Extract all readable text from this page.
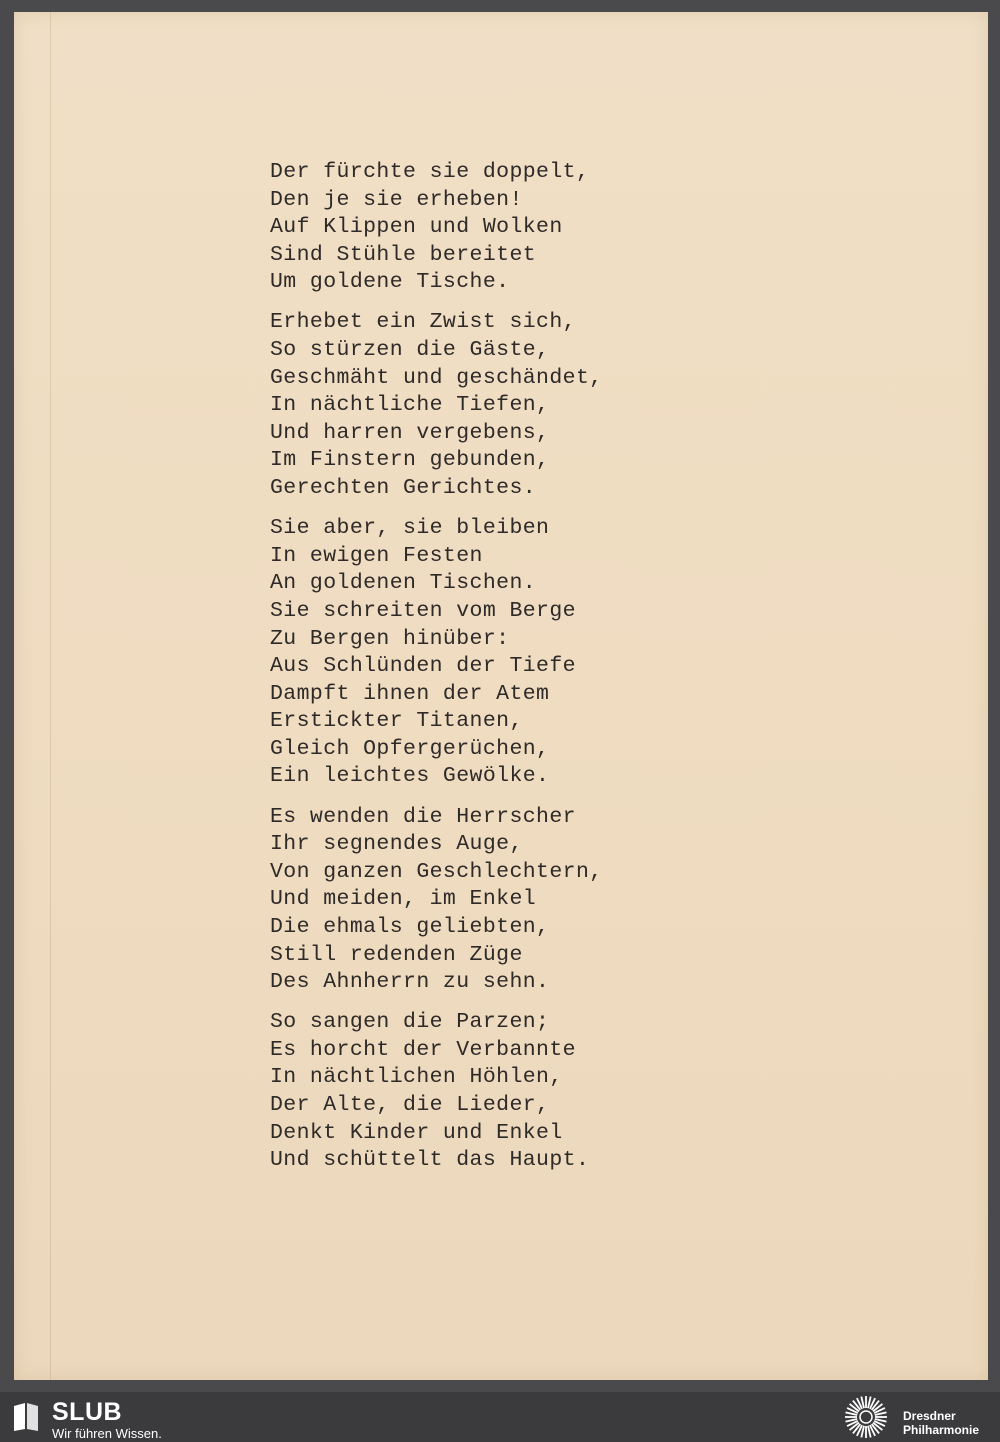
Der fürchte sie doppelt,
Den je sie erheben!
Auf Klippen und Wolken
Sind Stühle bereitet
Um goldene Tische.
Erhebet ein Zwist sich,
So stürzen die Gäste,
Geschmäht und geschändet,
In nächtliche Tiefen,
Und harren vergebens,
Im Finstern gebunden,
Gerechten Gerichtes.
Sie aber, sie bleiben
In ewigen Festen
An goldenen Tischen.
Sie schreiten vom Berge
Zu Bergen hinüber:
Aus Schlünden der Tiefe
Dampft ihnen der Atem
Erstickter Titanen,
Gleich Opfergerüchen,
Ein leichtes Gewölke.
Es wenden die Herrscher
Ihr segnendes Auge,
Von ganzen Geschlechtern,
Und meiden, im Enkel
Die ehmals geliebten,
Still redenden Züge
Des Ahnherrn zu sehn.
So sangen die Parzen;
Es horcht der Verbannte
In nächtlichen Höhlen,
Der Alte, die Lieder,
Denkt Kinder und Enkel
Und schüttelt das Haupt.
SLUB
Wir führen Wissen.
Dresdner
Philharmonie
